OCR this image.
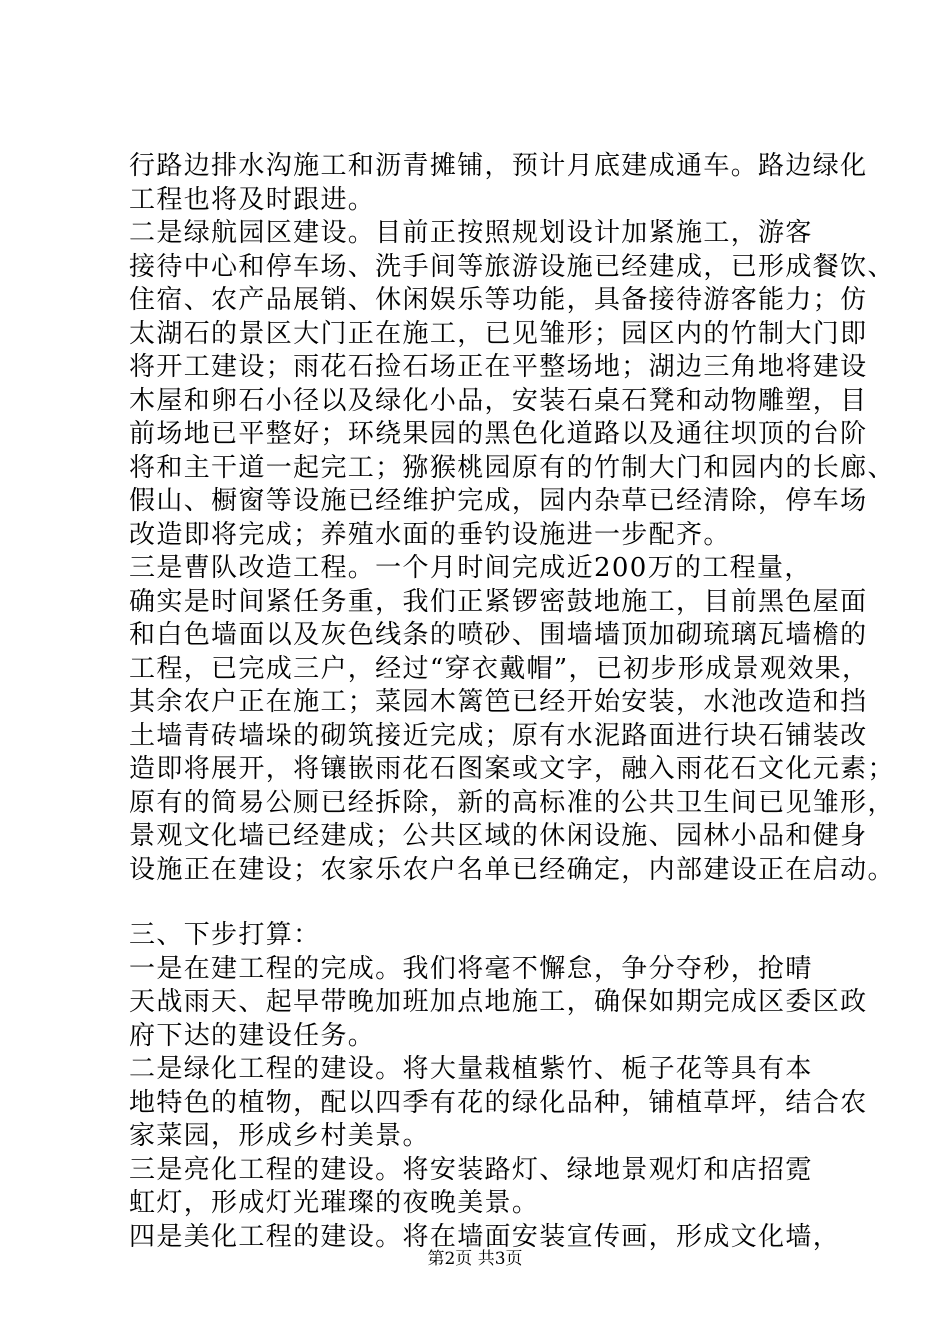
行路边排水沟施工和沥青摊铺，预计月底建成通车。路边绿化
工程也将及时跟进。
二是绿航园区建设。目前正按照规划设计加紧施工，游客
接待中心和停车场、洗手间等旅游设施已经建成，已形成餐饮、
住宿、农产品展销、休闲娱乐等功能，具备接待游客能力；仿
太湖石的景区大门正在施工，已见雏形；园区内的竹制大门即
将开工建设；雨花石捡石场正在平整场地；湖边三角地将建设
木屋和卵石小径以及绿化小品，安装石桌石凳和动物雕塑，目
前场地已平整好；环绕果园的黑色化道路以及通往坝顶的台阶
将和主干道一起完工；猕猴桃园原有的竹制大门和园内的长廊、
假山、橱窗等设施已经维护完成，园内杂草已经清除，停车场
改造即将完成；养殖水面的垂钓设施进一步配齐。
三是曹队改造工程。一个月时间完成近200万的工程量，
确实是时间紧任务重，我们正紧锣密鼓地施工，目前黑色屋面
和白色墙面以及灰色线条的喷砂、围墙墙顶加砌琉璃瓦墙檐的
工程，已完成三户，经过“穿衣戴帽”，已初步形成景观效果，
其余农户正在施工；菜园木篱笆已经开始安装，水池改造和挡
土墙青砖墙垛的砌筑接近完成；原有水泥路面进行块石铺装改
造即将展开，将镶嵌雨花石图案或文字，融入雨花石文化元素；
原有的简易公厕已经拆除，新的高标准的公共卫生间已见雏形，
景观文化墙已经建成；公共区域的休闲设施、园林小品和健身
设施正在建设；农家乐农户名单已经确定，内部建设正在启动。
三、下步打算：
一是在建工程的完成。我们将毫不懈怠，争分夺秒，抢晴
天战雨天、起早带晚加班加点地施工，确保如期完成区委区政
府下达的建设任务。
二是绿化工程的建设。将大量栽植紫竹、栀子花等具有本
地特色的植物，配以四季有花的绿化品种，铺植草坪，结合农
家菜园，形成乡村美景。
三是亮化工程的建设。将安装路灯、绿地景观灯和店招霓
虹灯，形成灯光璀璨的夜晚美景。
四是美化工程的建设。将在墙面安装宣传画，形成文化墙，
第2页 共3页
